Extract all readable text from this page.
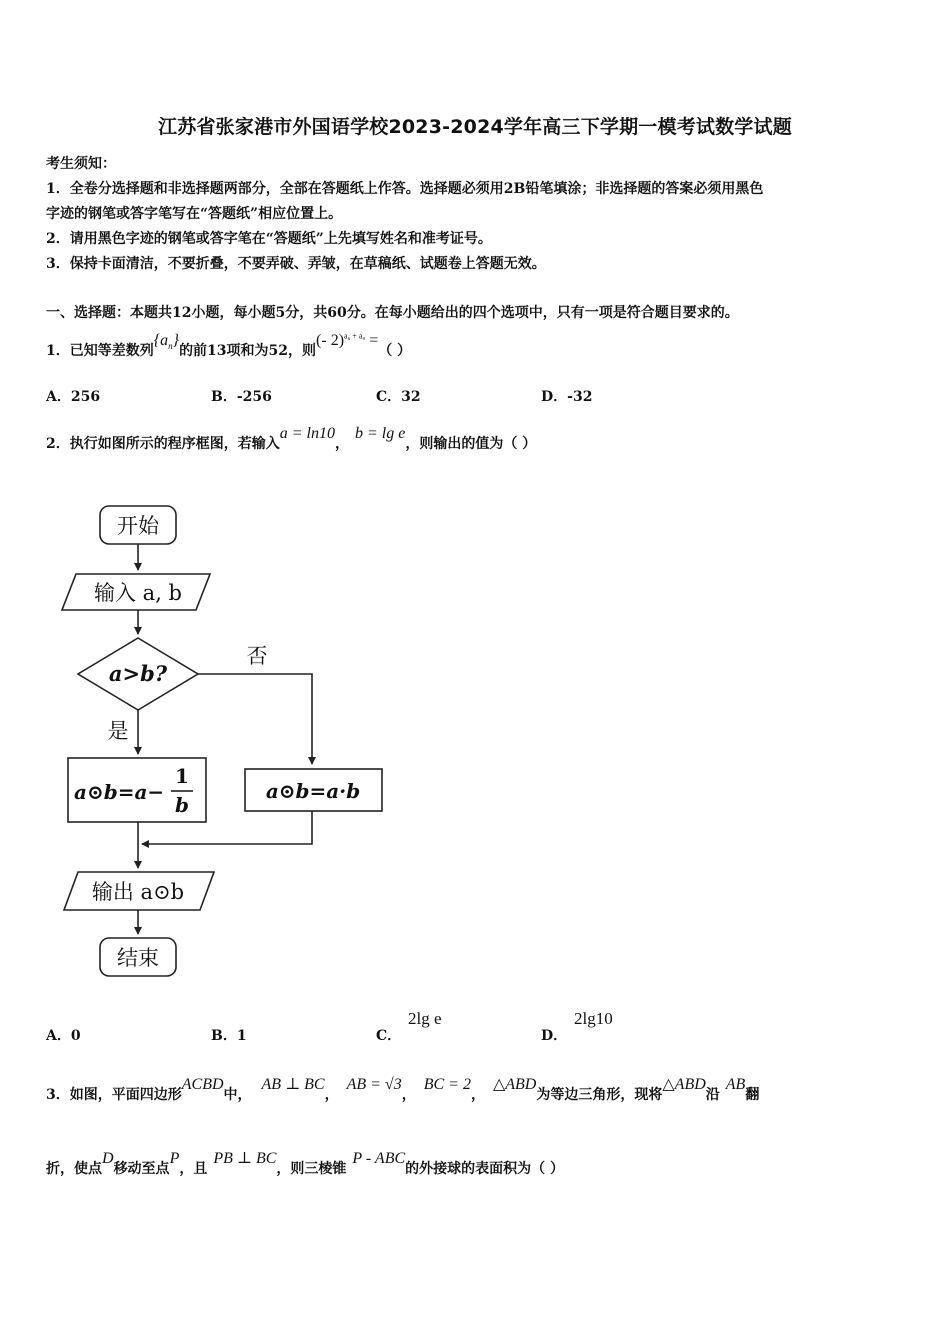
江苏省张家港市外国语学校2023-2024学年高三下学期一模考试数学试题
考生须知：
1．全卷分选择题和非选择题两部分，全部在答题纸上作答。选择题必须用2B铅笔填涂；非选择题的答案必须用黑色
字迹的钢笔或答字笔写在“答题纸”相应位置上。
2．请用黑色字迹的钢笔或答字笔在“答题纸”上先填写姓名和准考证号。
3．保持卡面清洁，不要折叠，不要弄破、弄皱，在草稿纸、试题卷上答题无效。
一、选择题：本题共12小题，每小题5分，共60分。在每小题给出的四个选项中，只有一项是符合题目要求的。
1．已知等差数列$\{a_n\}$的前13项和为52，则(- 2)$^{a_6 + a_8}$ =（ ）
A．256	B．-256	C．32	D．-32
2．执行如图所示的程序框图，若输入a = ln10，b = lg e，则输出的值为（ ）
开始
输入 a, b
a>b?
否
是
a⊙b=a−
1
b
a⊙b=a·b
输出 a⊙b
结束
A．0	B．1	C．
2lg e
D．
2lg10
3．如图，平面四边形ACBD中，AB ⊥ BC，AB = √3，BC = 2，△ABD为等边三角形，现将△ABD沿AB翻
折，使点D移动至点P，且PB ⊥ BC，则三棱锥P - ABC的外接球的表面积为（ ）
